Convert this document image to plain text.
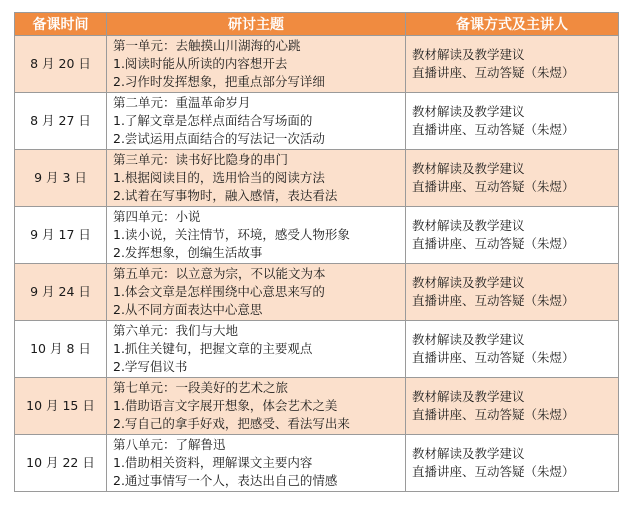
备课时间	研讨主题	备课方式及主讲人
8 月 20 日	第一单元：去触摸山川湖海的心跳
1.阅读时能从所读的内容想开去
2.习作时发挥想象，把重点部分写详细	教材解读及教学建议
直播讲座、互动答疑（朱煜）

8 月 27 日	第二单元：重温革命岁月
1.了解文章是怎样点面结合写场面的
2.尝试运用点面结合的写法记一次活动	教材解读及教学建议
直播讲座、互动答疑（朱煜）

9 月 3 日	第三单元：读书好比隐身的串门
1.根据阅读目的，选用恰当的阅读方法
2.试着在写事物时，融入感情，表达看法	教材解读及教学建议
直播讲座、互动答疑（朱煜）

9 月 17 日	第四单元：小说
1.读小说，关注情节，环境，感受人物形象
2.发挥想象，创编生活故事	教材解读及教学建议
直播讲座、互动答疑（朱煜）

9 月 24 日	第五单元：以立意为宗，不以能文为本
1.体会文章是怎样围绕中心意思来写的
2.从不同方面表达中心意思	教材解读及教学建议
直播讲座、互动答疑（朱煜）

10 月 8 日	第六单元：我们与大地
1.抓住关键句，把握文章的主要观点
2.学写倡议书	教材解读及教学建议
直播讲座、互动答疑（朱煜）

10 月 15 日	第七单元：一段美好的艺术之旅
1.借助语言文字展开想象，体会艺术之美
2.写自己的拿手好戏，把感受、看法写出来	教材解读及教学建议
直播讲座、互动答疑（朱煜）

10 月 22 日	第八单元：了解鲁迅
1.借助相关资料，理解课文主要内容
2.通过事情写一个人，表达出自己的情感	教材解读及教学建议
直播讲座、互动答疑（朱煜）
